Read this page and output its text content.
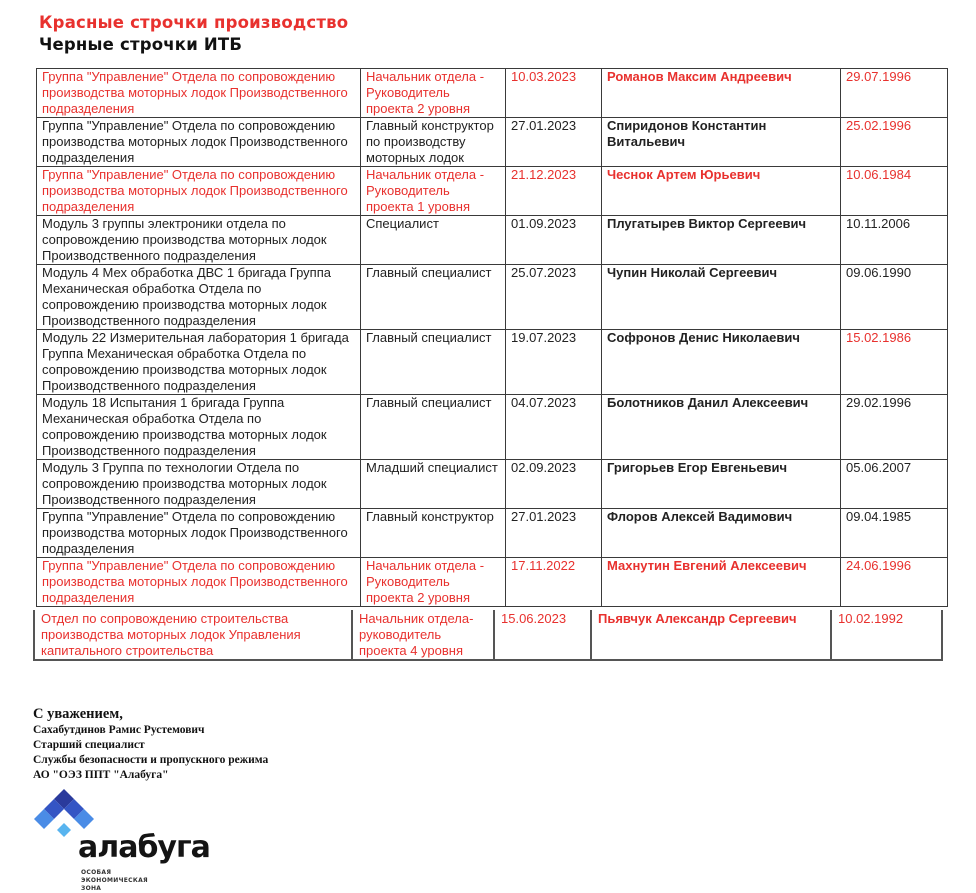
Красные строчки производство
Черные строчки ИТБ
Группа "Управление" Отдела по сопровождению производства моторных лодок Производственного подразделения	Начальник отдела - Руководитель проекта 2 уровня	10.03.2023	Романов Максим Андреевич	29.07.1996
Группа "Управление" Отдела по сопровождению производства моторных лодок Производственного подразделения	Главный конструктор по производству моторных лодок	27.01.2023	Спиридонов Константин Витальевич	25.02.1996
Группа "Управление" Отдела по сопровождению производства моторных лодок Производственного подразделения	Начальник отдела - Руководитель проекта 1 уровня	21.12.2023	Чеснок Артем Юрьевич	10.06.1984
Модуль 3 группы электроники отдела по сопровождению производства моторных лодок Производственного подразделения	Специалист	01.09.2023	Плугатырев Виктор Сергеевич	10.11.2006
Модуль 4 Мех обработка ДВС 1 бригада Группа Механическая обработка Отдела по сопровождению производства моторных лодок Производственного подразделения	Главный специалист	25.07.2023	Чупин Николай Сергеевич	09.06.1990
Модуль 22 Измерительная лаборатория 1 бригада Группа Механическая обработка Отдела по сопровождению производства моторных лодок Производственного подразделения	Главный специалист	19.07.2023	Софронов Денис Николаевич	15.02.1986
Модуль 18 Испытания 1 бригада Группа Механическая обработка Отдела по сопровождению производства моторных лодок Производственного подразделения	Главный специалист	04.07.2023	Болотников Данил Алексеевич	29.02.1996
Модуль 3 Группа по технологии Отдела по сопровождению производства моторных лодок Производственного подразделения	Младший специалист	02.09.2023	Григорьев Егор Евгеньевич	05.06.2007
Группа "Управление" Отдела по сопровождению производства моторных лодок Производственного подразделения	Главный конструктор	27.01.2023	Флоров Алексей Вадимович	09.04.1985
Группа "Управление" Отдела по сопровождению производства моторных лодок Производственного подразделения	Начальник отдела - Руководитель проекта 2 уровня	17.11.2022	Махнутин Евгений Алексеевич	24.06.1996
Отдел по сопровождению строительства производства моторных лодок Управления капитального строительства	Начальник отдела-руководитель проекта 4 уровня	15.06.2023	Пьявчук Александр Сергеевич	10.02.1992
С уважением,
Сахабутдинов Рамис Рустемович
Старший специалист
Службы безопасности и пропускного режима
АО "ОЭЗ ППТ "Алабуга"
алабуга
ОСОБАЯ
ЭКОНОМИЧЕСКАЯ
ЗОНА
